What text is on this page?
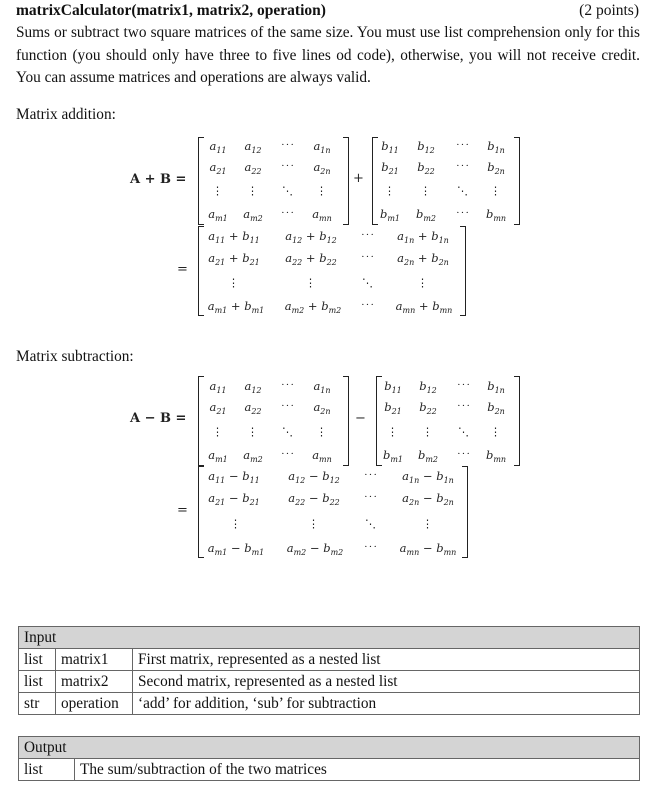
matrixCalculator(matrix1, matrix2, operation)	(2 points)
Sums or subtract two square matrices of the same size. You must use list comprehension only for this function (you should only have three to five lines od code), otherwise, you will not receive credit. You can assume matrices and operations are always valid.
Matrix addition:
Matrix subtraction:
A + B =
$a_{11}$ $a_{12}$ ··· $a_{1n}$
$a_{21}$ $a_{22}$ ··· $a_{2n}$
⋮ ⋮ ⋱ ⋮
$a_{m1}$ $a_{m2}$ ··· $a_{mn}$
+
$b_{11}$ $b_{12}$ ··· $b_{1n}$
$b_{21}$ $b_{22}$ ··· $b_{2n}$
⋮ ⋮ ⋱ ⋮
$b_{m1}$ $b_{m2}$ ··· $b_{mn}$
=
$a_{11} + b_{11}$ $a_{12} + b_{12}$ ··· $a_{1n} + b_{1n}$
$a_{21} + b_{21}$ $a_{22} + b_{22}$ ··· $a_{2n} + b_{2n}$
⋮	⋮	⋱	⋮
$a_{m1} + b_{m1}$ $a_{m2} + b_{m2}$ ··· $a_{mn} + b_{mn}$
A − B =
$a_{11}$ $a_{12}$ ··· $a_{1n}$
$a_{21}$ $a_{22}$ ··· $a_{2n}$
⋮ ⋮ ⋱ ⋮
$a_{m1}$ $a_{m2}$ ··· $a_{mn}$
−
$b_{11}$ $b_{12}$ ··· $b_{1n}$
$b_{21}$ $b_{22}$ ··· $b_{2n}$
⋮ ⋮ ⋱ ⋮
$b_{m1}$ $b_{m2}$ ··· $b_{mn}$
=
$a_{11} - b_{11}$ $a_{12} - b_{12}$ ··· $a_{1n} - b_{1n}$
$a_{21} - b_{21}$ $a_{22} - b_{22}$ ··· $a_{2n} - b_{2n}$
⋮	⋮	⋱	⋮
$a_{m1} - b_{m1}$ $a_{m2} - b_{m2}$ ··· $a_{mn} - b_{mn}$
Input		
list	matrix1	First matrix, represented as a nested list
list	matrix2	Second matrix, represented as a nested list
str	operation	‘add’ for addition, ‘sub’ for subtraction
Output
list	The sum/subtraction of the two matrices
